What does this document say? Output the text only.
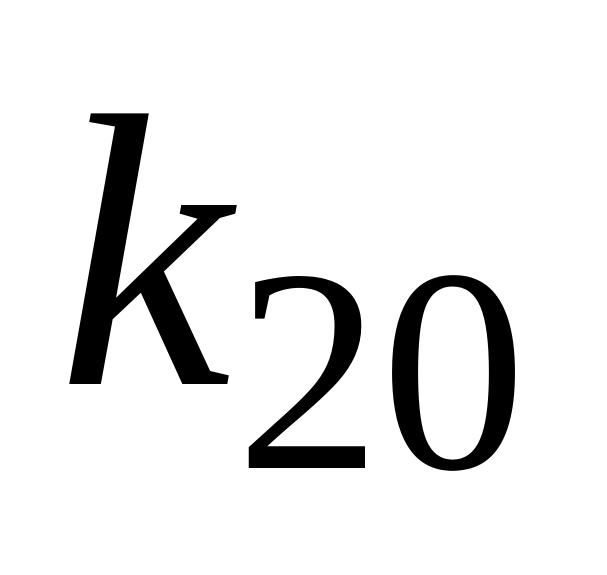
k 20
